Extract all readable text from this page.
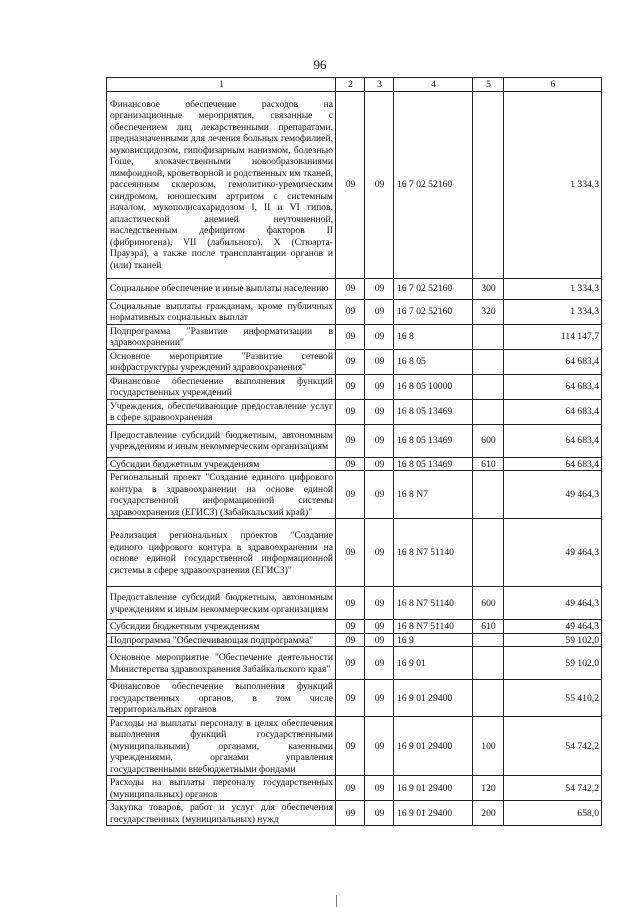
96
1	2	3	4	5	6
Финансовое обеспечение расходов на организационные мероприятия, связанные с обеспечением лиц лекарственными препаратами, предназначенными для лечения больных гемофилией, муковисцидозом, гипофизарным нанизмом, болезнью Гоше, злокачественными новообразованиями лимфоидной, кроветворной и родственных им тканей, рассеянным склерозом, гемолитико-уремическим синдромом, юношеским артритом с системным началом, мукополисахаридозом I, II и VI типов, апластической анемией неуточненной, наследственным дефицитом факторов II (фибриногена), VII (лабильного), X (Стюарта-Прауэра), а также после трансплантации органов и (или) тканей	09	09	16 7 02 52160		1 334,3
Социальное обеспечение и иные выплаты населению	09	09	16 7 02 52160	300	1 334,3
Социальные выплаты гражданам, кроме публичных нормативных социальных выплат	09	09	16 7 02 52160	320	1 334,3
Подпрограмма "Развитие информатизации в здравоохранении"	09	09	16 8		114 147,7
Основное мероприятие "Развитие сетевой инфраструктуры учреждений здравоохранения"	09	09	16 8 05		64 683,4
Финансовое обеспечение выполнения функций государственных учреждений	09	09	16 8 05 10000		64 683,4
Учреждения, обеспечивающие предоставление услуг в сфере здравоохранения	09	09	16 8 05 13469		64 683,4
Предоставление субсидий бюджетным, автономным учреждениям и иным некоммерческим организациям	09	09	16 8 05 13469	600	64 683,4
Субсидии бюджетным учреждениям	09	09	16 8 05 13469	610	64 683,4
Региональный проект "Создание единого цифрового контура в здравоохранении на основе единой государственной информационной системы здравоохранения (ЕГИСЗ) (Забайкальский край)"	09	09	16 8 N7		49 464,3
Реализация региональных проектов "Создание единого цифрового контура в здравоохранении на основе единой государственной информационной системы в сфере здравоохранения (ЕГИСЗ)"	09	09	16 8 N7 51140		49 464,3
Предоставление субсидий бюджетным, автономным учреждениям и иным некоммерческим организациям	09	09	16 8 N7 51140	600	49 464,3
Субсидии бюджетным учреждениям	09	09	16 8 N7 51140	610	49 464,3
Подпрограмма "Обеспечивающая подпрограмма"	09	09	16 9		59 102,0
Основное мероприятие "Обеспечение деятельности Министерства здравоохранения Забайкальского края"	09	09	16 9 01		59 102,0
Финансовое обеспечение выполнения функций государственных органов, в том числе территориальных органов	09	09	16 9 01 29400		55 410,2
Расходы на выплаты персоналу в целях обеспечения выполнения функций государственными (муниципальными) органами, казенными учреждениями, органами управления государственными внебюджетными фондами	09	09	16 9 01 29400	100	54 742,2
Расходы на выплаты персоналу государственных (муниципальных) органов	09	09	16 9 01 29400	120	54 742,2
Закупка товаров, работ и услуг для обеспечения государственных (муниципальных) нужд	09	09	16 9 01 29400	200	658,0
